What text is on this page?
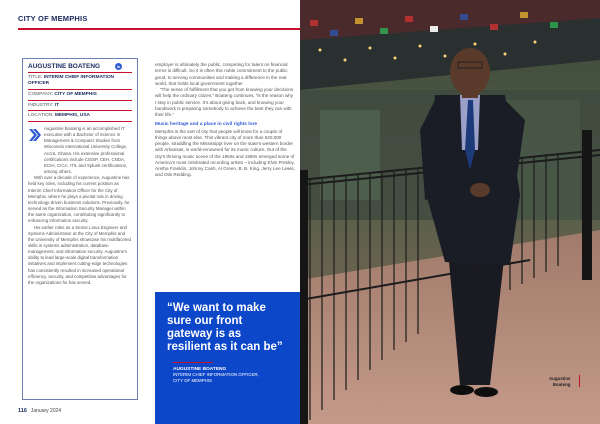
CITY OF MEMPHIS
AUGUSTINE BOATENG	in
TITLE: INTERIM CHIEF INFORMATION OFFICER
COMPANY: CITY OF MEMPHIS
INDUSTRY: IT
LOCATION: MEMPHIS, USA

Augustine Boateng is an accomplished IT executive with a Bachelor of Science in Management & Computer Studies from Wisconsin International University College, Accra, Ghana. His extensive professional certifications include CISSP, CEH, CNDA, ECIH, CICA, ITIL and Splunk certifications, among others.

With over a decade of experience, Augustine has held key roles, including his current position as Interim Chief Information Officer for the City of Memphis, where he plays a pivotal role in driving technology-driven business solutions. Previously, he served as the Information Security Manager within the same organization, contributing significantly to enhancing information security.

His earlier roles as a Senior Linux Engineer and Systems Administrator at the City of Memphis and the University of Memphis showcase his multifaceted skills in systems administration, database management, and information security. Augustine's ability to lead large-scale digital transformation initiatives and implement cutting-edge technologies has consistently resulted in increased operational efficiency, security, and competitive advantages for the organizations he has served.

employer is ultimately the public, competing for talent on financial terms is difficult. So it is often this noble commitment to the public good, to serving communities and making a difference in the real world, that holds local government together.

“The sense of fulfillment that you get from knowing your decisions will help the ordinary citizen,” Boateng continues, “is the reason why I stay in public service. It’s about giving back, and knowing your handiwork is preparing somebody to achieve the best they can with their life.”

Music heritage and a place in civil rights lore

Memphis is the sort of city that people will know for a couple of things above most else. This vibrant city of more than 620,000 people, straddling the Mississippi river on the state’s western border with Arkansas, is world-renowned for its music culture. Out of the city’s thriving music scene of the 1950s and 1960s emerged some of America’s most celebrated recording artists – including Elvis Presley, Aretha Franklin, Johnny Cash, Al Green, B. B. King, Jerry Lee Lewis, and Otis Redding.

“We want to make sure our front gateway is as resilient as it can be”
AUGUSTINE BOATENG
INTERIM CHIEF INFORMATION OFFICER,
CITY OF MEMPHIS
116 January 2024
Augustine
Boateng
